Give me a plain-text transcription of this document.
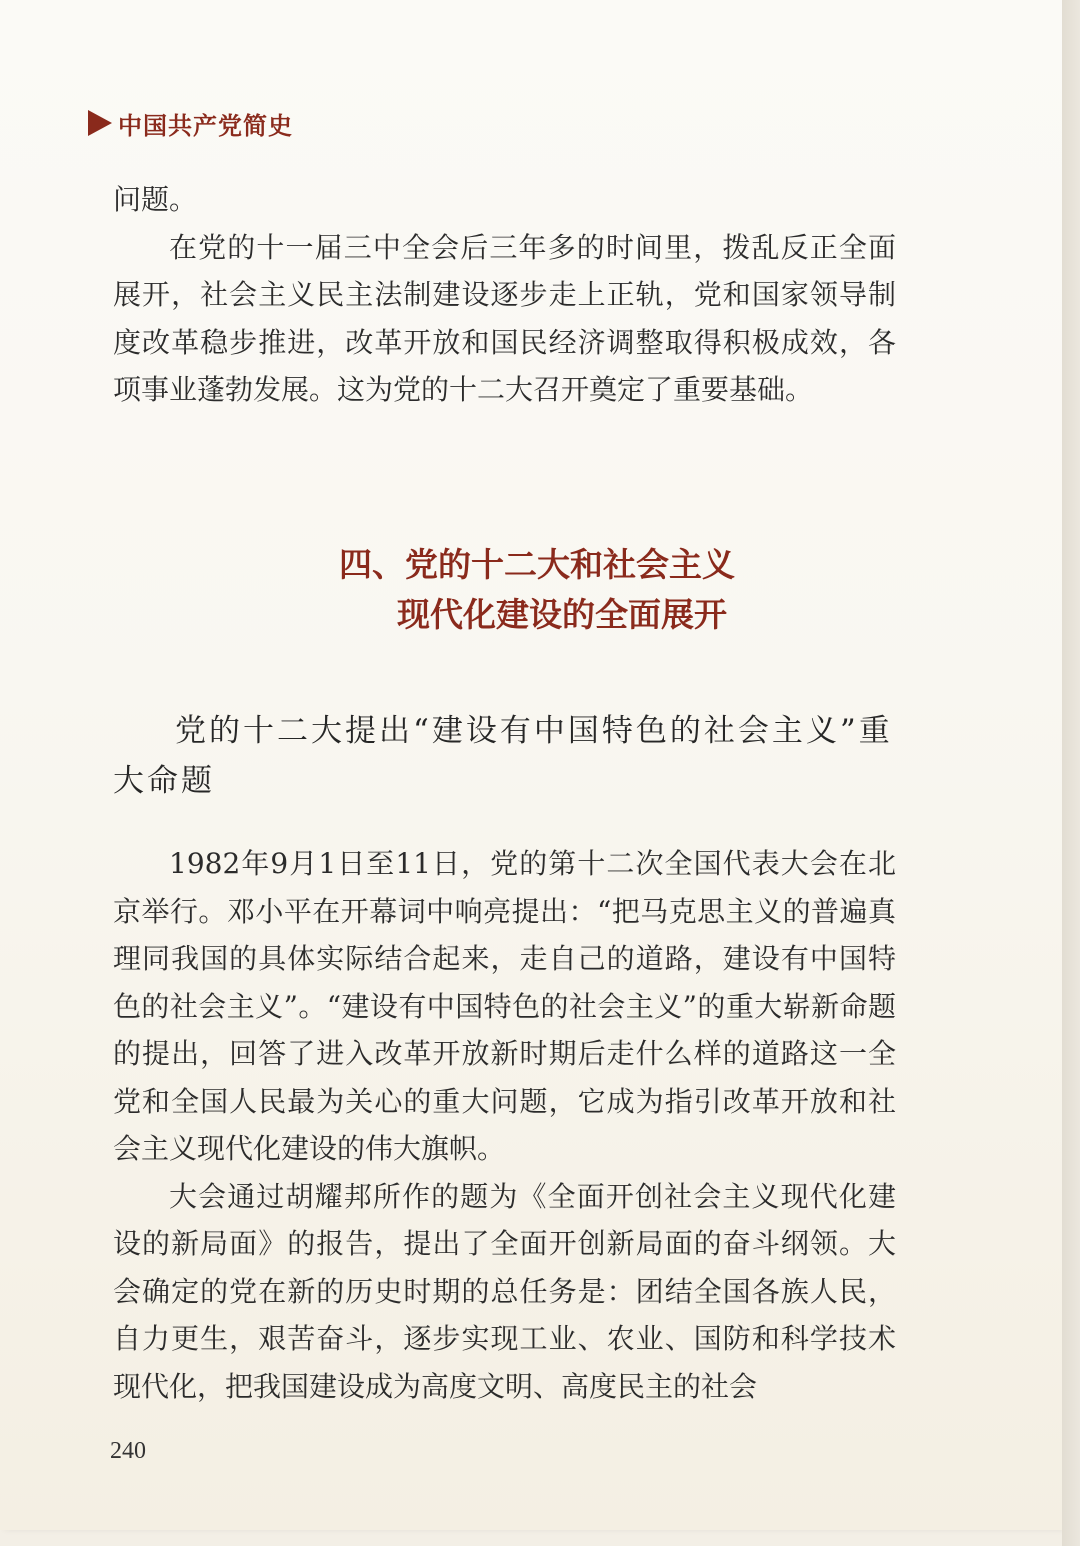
中国共产党简史

问题。

在党的十一届三中全会后三年多的时间里，拨乱反正全面展开，社会主义民主法制建设逐步走上正轨，党和国家领导制度改革稳步推进，改革开放和国民经济调整取得积极成效，各项事业蓬勃发展。这为党的十二大召开奠定了重要基础。

四、党的十二大和社会主义
现代化建设的全面展开
党的十二大提出“建设有中国特色的社会主义”重大命题

1982年9月1日至11日，党的第十二次全国代表大会在北京举行。邓小平在开幕词中响亮提出：“把马克思主义的普遍真理同我国的具体实际结合起来，走自己的道路，建设有中国特色的社会主义”。“建设有中国特色的社会主义”的重大崭新命题的提出，回答了进入改革开放新时期后走什么样的道路这一全党和全国人民最为关心的重大问题，它成为指引改革开放和社会主义现代化建设的伟大旗帜。

大会通过胡耀邦所作的题为《全面开创社会主义现代化建设的新局面》的报告，提出了全面开创新局面的奋斗纲领。大会确定的党在新的历史时期的总任务是：团结全国各族人民，自力更生，艰苦奋斗，逐步实现工业、农业、国防和科学技术现代化，把我国建设成为高度文明、高度民主的社会

240
